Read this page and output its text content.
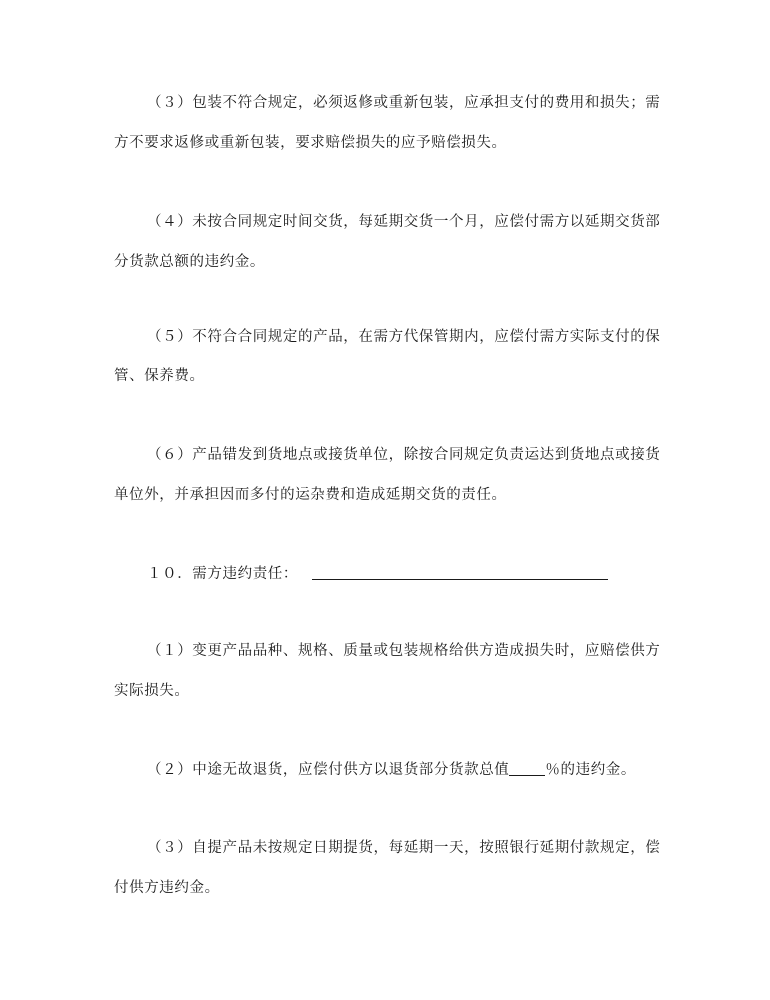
（３）包装不符合规定，必须返修或重新包装，应承担支付的费用和损失；需
方不要求返修或重新包装，要求赔偿损失的应予赔偿损失。
（４）未按合同规定时间交货，每延期交货一个月，应偿付需方以延期交货部
分货款总额的违约金。
（５）不符合合同规定的产品，在需方代保管期内，应偿付需方实际支付的保
管、保养费。
（６）产品错发到货地点或接货单位，除按合同规定负责运达到货地点或接货
单位外，并承担因而多付的运杂费和造成延期交货的责任。
１０．需方违约责任：
（１）变更产品品种、规格、质量或包装规格给供方造成损失时，应赔偿供方
实际损失。
（２）中途无故退货，应偿付供方以退货部分货款总值 ％的违约金。
（３）自提产品未按规定日期提货，每延期一天，按照银行延期付款规定，偿
付供方违约金。
